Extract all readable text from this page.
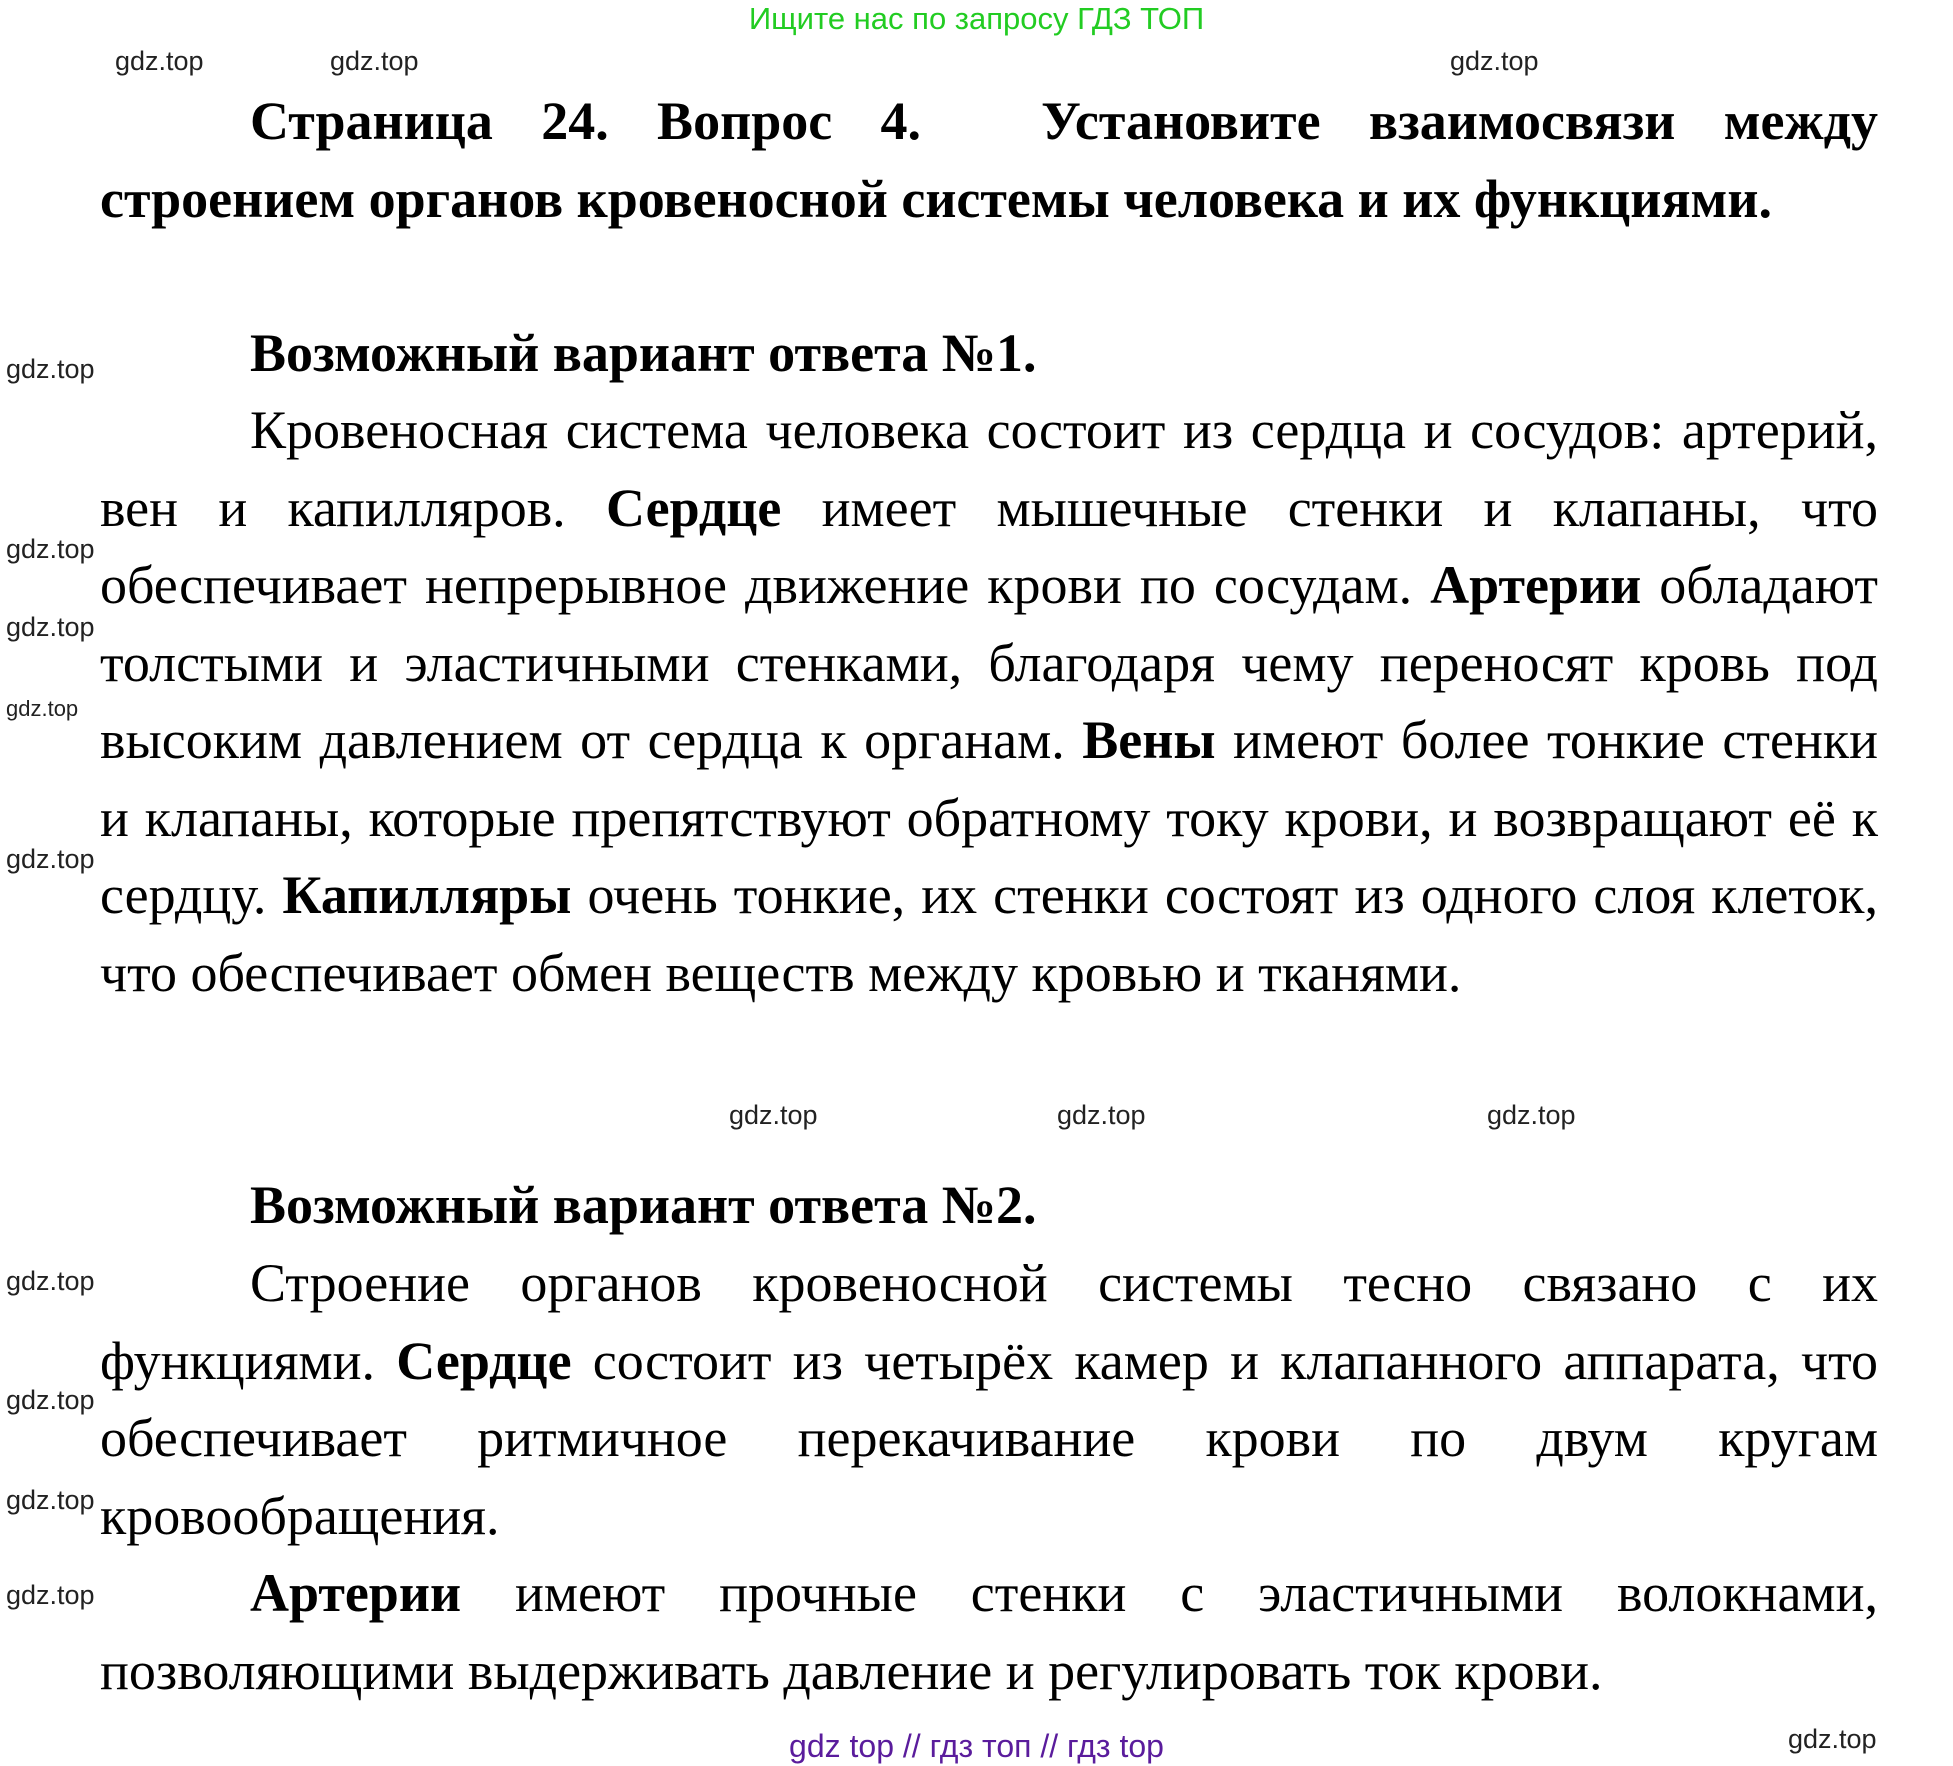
Ищите нас по запросу ГДЗ ТОП
Страница 24. Вопрос 4. Установите взаимосвязи между строением органов кровеносной системы человека и их функциями.
Возможный вариант ответа №1.
Кровеносная система человека состоит из сердца и сосудов: артерий, вен и капилляров. Сердце имеет мышечные стенки и клапаны, что обеспечивает непрерывное движение крови по сосудам. Артерии обладают толстыми и эластичными стенками, благодаря чему переносят кровь под высоким давлением от сердца к органам. Вены имеют более тонкие стенки и клапаны, которые препятствуют обратному току крови, и возвращают её к сердцу. Капилляры очень тонкие, их стенки состоят из одного слоя клеток, что обеспечивает обмен веществ между кровью и тканями.
Возможный вариант ответа №2.
Строение органов кровеносной системы тесно связано с их функциями. Сердце состоит из четырёх камер и клапанного аппарата, что обеспечивает ритмичное перекачивание крови по двум кругам кровообращения.
Артерии имеют прочные стенки с эластичными волокнами, позволяющими выдерживать давление и регулировать ток крови.
gdz.top	gdz.top	gdz.top
gdz.top
gdz.top
gdz.top
gdz.top
gdz.top
gdz.top	gdz.top	gdz.top
gdz.top
gdz.top
gdz.top
gdz.top
gdz.top
gdz top // гдз топ // гдз top
